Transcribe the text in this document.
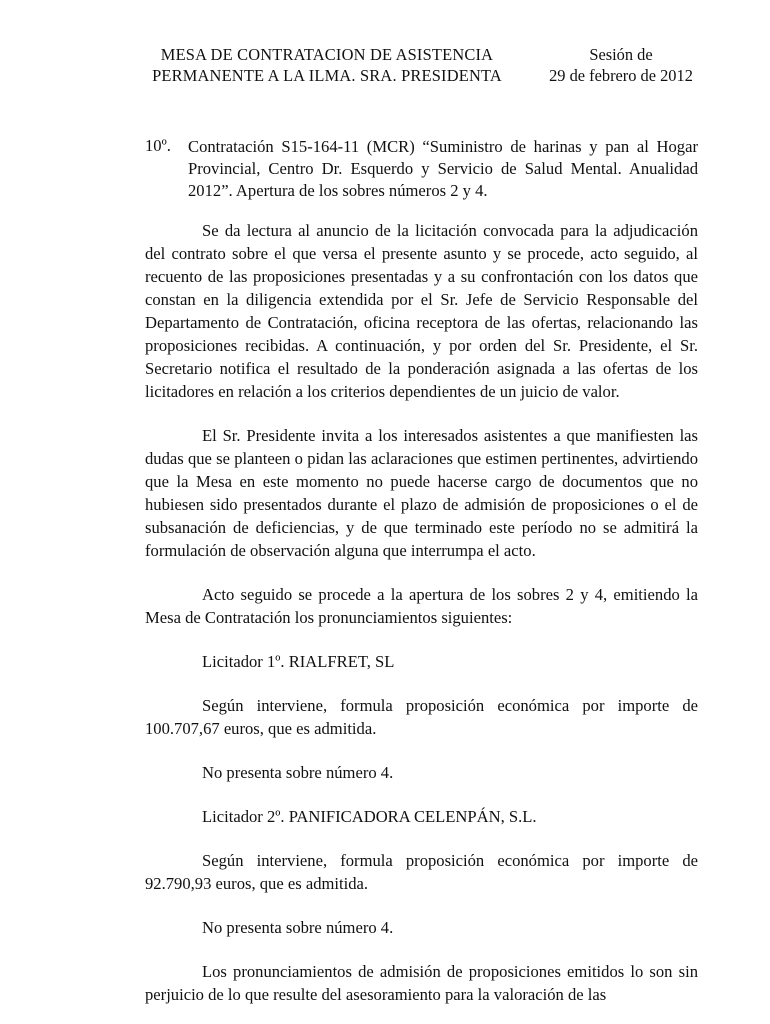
MESA DE CONTRATACION DE ASISTENCIA
PERMANENTE A LA ILMA. SRA. PRESIDENTA
Sesión de
29 de febrero de 2012
10º. Contratación S15-164-11 (MCR) “Suministro de harinas y pan al Hogar Provincial, Centro Dr. Esquerdo y Servicio de Salud Mental. Anualidad 2012”. Apertura de los sobres números 2 y 4.

Se da lectura al anuncio de la licitación convocada para la adjudicación del contrato sobre el que versa el presente asunto y se procede, acto seguido, al recuento de las proposiciones presentadas y a su confrontación con los datos que constan en la diligencia extendida por el Sr. Jefe de Servicio Responsable del Departamento de Contratación, oficina receptora de las ofertas, relacionando las proposiciones recibidas. A continuación, y por orden del Sr. Presidente, el Sr. Secretario notifica el resultado de la ponderación asignada a las ofertas de los licitadores en relación a los criterios dependientes de un juicio de valor.

El Sr. Presidente invita a los interesados asistentes a que manifiesten las dudas que se planteen o pidan las aclaraciones que estimen pertinentes, advirtiendo que la Mesa en este momento no puede hacerse cargo de documentos que no hubiesen sido presentados durante el plazo de admisión de proposiciones o el de subsanación de deficiencias, y de que terminado este período no se admitirá la formulación de observación alguna que interrumpa el acto.

Acto seguido se procede a la apertura de los sobres 2 y 4, emitiendo la Mesa de Contratación los pronunciamientos siguientes:

Licitador 1º. RIALFRET, SL

Según interviene, formula proposición económica por importe de 100.707,67 euros, que es admitida.

No presenta sobre número 4.

Licitador 2º. PANIFICADORA CELENPÁN, S.L.

Según interviene, formula proposición económica por importe de 92.790,93 euros, que es admitida.

No presenta sobre número 4.

Los pronunciamientos de admisión de proposiciones emitidos lo son sin perjuicio de lo que resulte del asesoramiento para la valoración de las
